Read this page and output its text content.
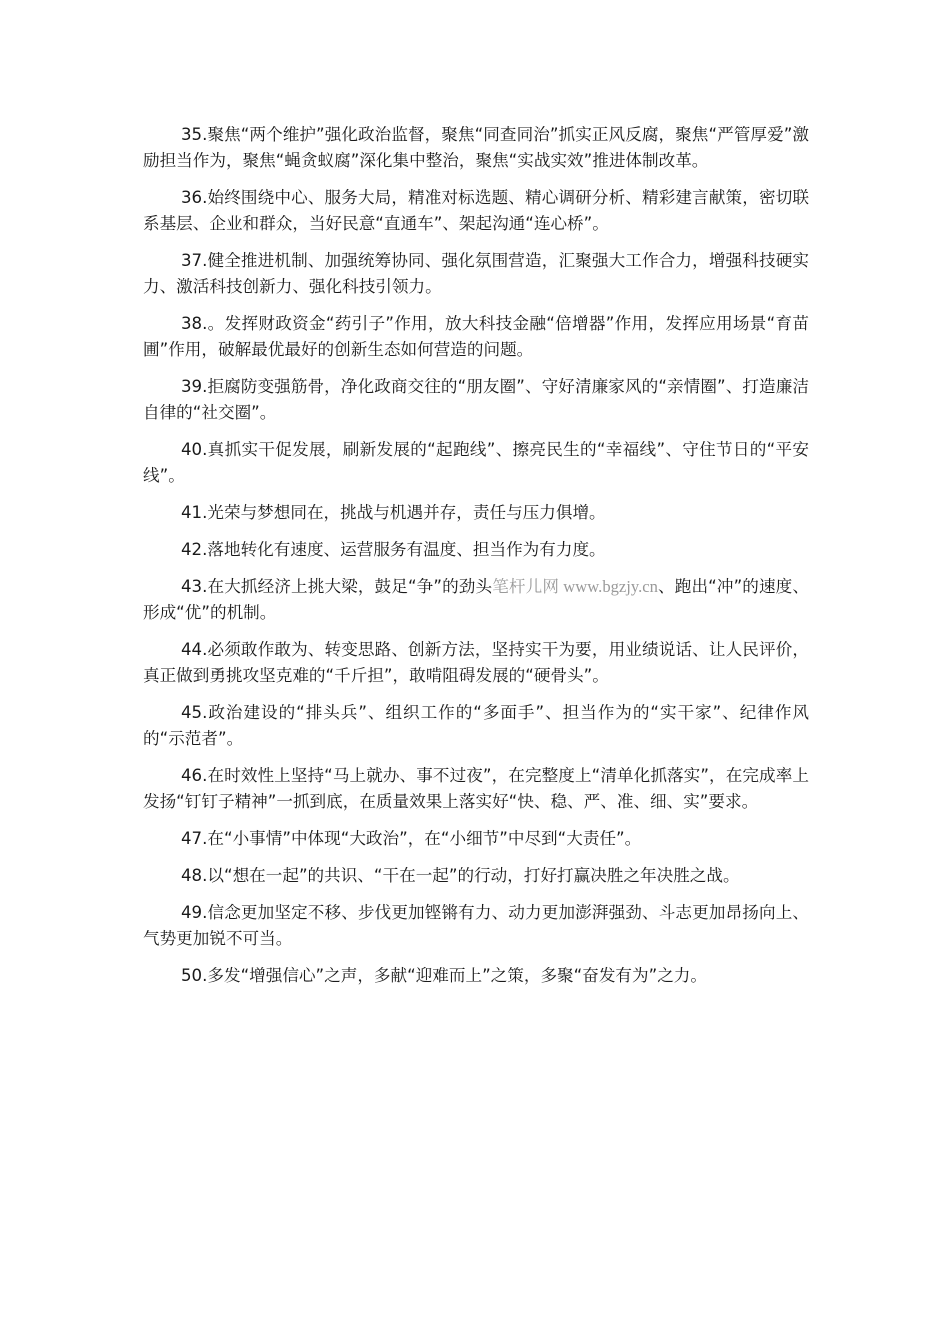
35.聚焦“两个维护”强化政治监督，聚焦“同查同治”抓实正风反腐，聚焦“严管厚爱”激励担当作为，聚焦“蝇贪蚁腐”深化集中整治，聚焦“实战实效”推进体制改革。

36.始终围绕中心、服务大局，精准对标选题、精心调研分析、精彩建言献策，密切联系基层、企业和群众，当好民意“直通车”、架起沟通“连心桥”。

37.健全推进机制、加强统筹协同、强化氛围营造，汇聚强大工作合力，增强科技硬实力、激活科技创新力、强化科技引领力。

38.。发挥财政资金“药引子”作用，放大科技金融“倍增器”作用，发挥应用场景“育苗圃”作用，破解最优最好的创新生态如何营造的问题。

39.拒腐防变强筋骨，净化政商交往的“朋友圈”、守好清廉家风的“亲情圈”、打造廉洁自律的“社交圈”。

40.真抓实干促发展，刷新发展的“起跑线”、擦亮民生的“幸福线”、守住节日的“平安线”。

41.光荣与梦想同在，挑战与机遇并存，责任与压力俱增。

42.落地转化有速度、运营服务有温度、担当作为有力度。

43.在大抓经济上挑大梁，鼓足“争”的劲头笔杆儿网 www.bgzjy.cn、跑出“冲”的速度、形成“优”的机制。

44.必须敢作敢为、转变思路、创新方法，坚持实干为要，用业绩说话、让人民评价，真正做到勇挑攻坚克难的“千斤担”，敢啃阻碍发展的“硬骨头”。

45.政治建设的“排头兵”、组织工作的“多面手”、担当作为的“实干家”、纪律作风的“示范者”。

46.在时效性上坚持“马上就办、事不过夜”，在完整度上“清单化抓落实”，在完成率上发扬“钉钉子精神”一抓到底，在质量效果上落实好“快、稳、严、准、细、实”要求。

47.在“小事情”中体现“大政治”，在“小细节”中尽到“大责任”。

48.以“想在一起”的共识、“干在一起”的行动，打好打赢决胜之年决胜之战。

49.信念更加坚定不移、步伐更加铿锵有力、动力更加澎湃强劲、斗志更加昂扬向上、气势更加锐不可当。

50.多发“增强信心”之声，多献“迎难而上”之策，多聚“奋发有为”之力。
